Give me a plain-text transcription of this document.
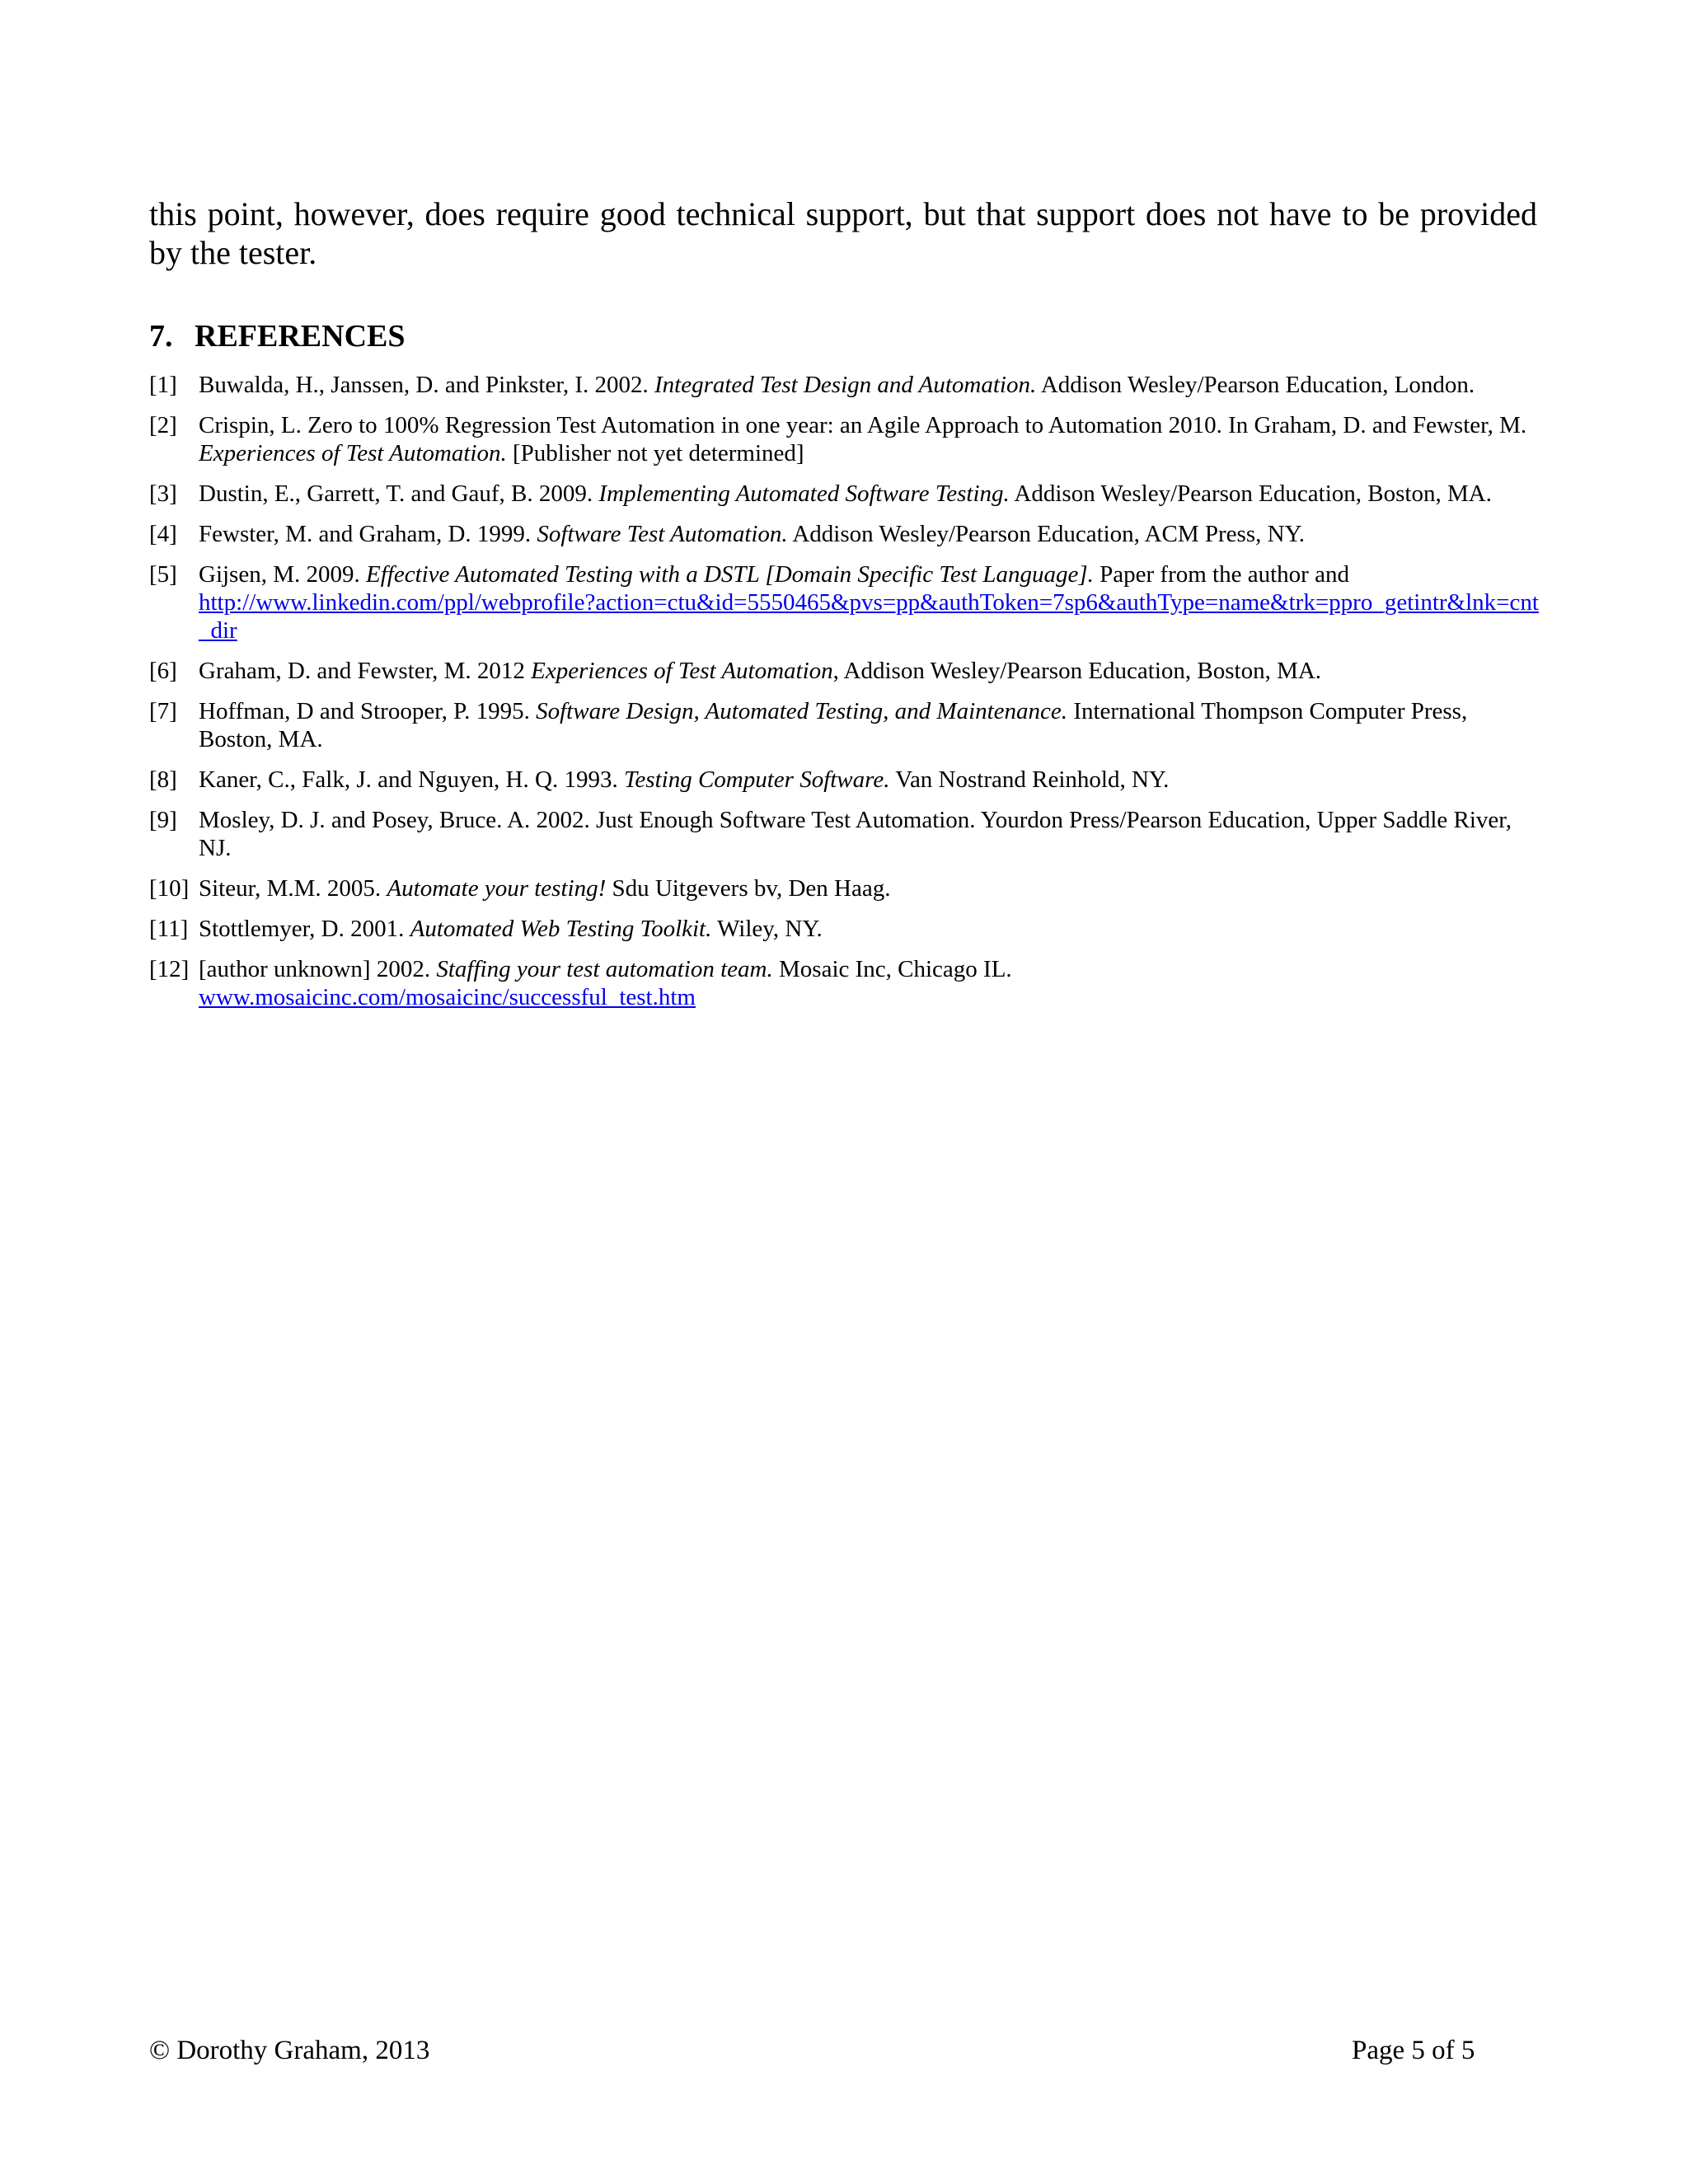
this point, however, does require good technical support, but that support does not have to be provided by the tester.

7. REFERENCES
[1] Buwalda, H., Janssen, D. and Pinkster, I. 2002. Integrated Test Design and Automation. Addison Wesley/Pearson Education, London.
[2] Crispin, L. Zero to 100% Regression Test Automation in one year: an Agile Approach to Automation 2010. In Graham, D. and Fewster, M. Experiences of Test Automation. [Publisher not yet determined]
[3] Dustin, E., Garrett, T. and Gauf, B. 2009. Implementing Automated Software Testing. Addison Wesley/Pearson Education, Boston, MA.
[4] Fewster, M. and Graham, D. 1999. Software Test Automation. Addison Wesley/Pearson Education, ACM Press, NY.
[5] Gijsen, M. 2009. Effective Automated Testing with a DSTL [Domain Specific Test Language]. Paper from the author and
http://www.linkedin.com/ppl/webprofile?action=ctu&id=5550465&pvs=pp&authToken=7sp6&authType=name&trk=ppro_getintr&lnk=cnt_dir
[6] Graham, D. and Fewster, M. 2012 Experiences of Test Automation, Addison Wesley/Pearson Education, Boston, MA.
[7] Hoffman, D and Strooper, P. 1995. Software Design, Automated Testing, and Maintenance. International Thompson Computer Press, Boston, MA.
[8] Kaner, C., Falk, J. and Nguyen, H. Q. 1993. Testing Computer Software. Van Nostrand Reinhold, NY.
[9] Mosley, D. J. and Posey, Bruce. A. 2002. Just Enough Software Test Automation. Yourdon Press/Pearson Education, Upper Saddle River, NJ.
[10] Siteur, M.M. 2005. Automate your testing! Sdu Uitgevers bv, Den Haag.
[11] Stottlemyer, D. 2001. Automated Web Testing Toolkit. Wiley, NY.
[12] [author unknown] 2002. Staffing your test automation team. Mosaic Inc, Chicago IL.
www.mosaicinc.com/mosaicinc/successful_test.htm
© Dorothy Graham, 2013	Page 5 of 5
